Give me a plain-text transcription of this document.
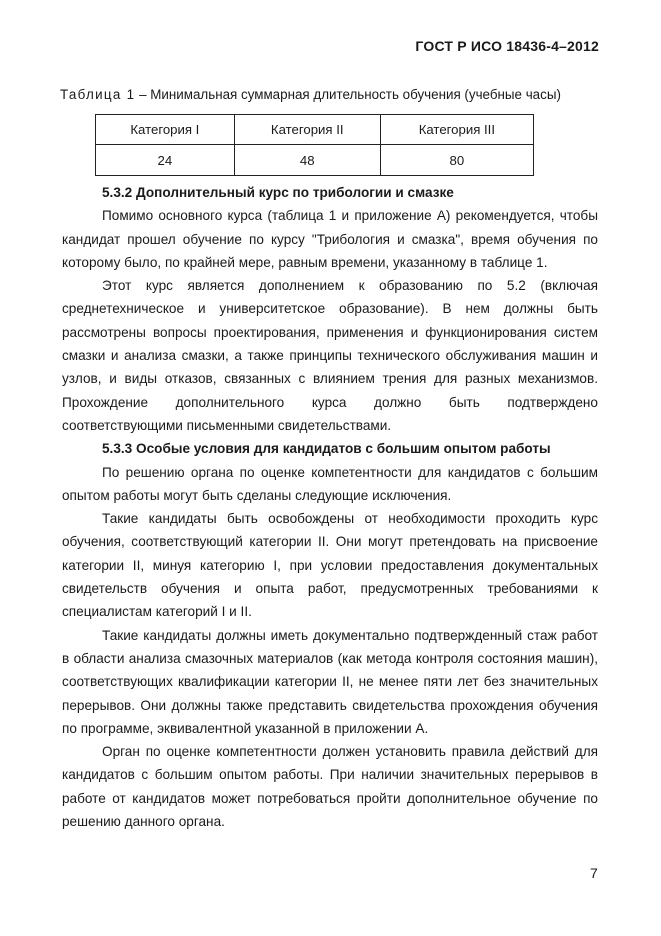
ГОСТ Р ИСО 18436-4–2012
Таблица 1 – Минимальная суммарная длительность обучения (учебные часы)
Категория I	Категория II	Категория III
24	48	80
5.3.2 Дополнительный курс по трибологии и смазке

Помимо основного курса (таблица 1 и приложение А) рекомендуется, чтобы кандидат прошел обучение по курсу "Трибология и смазка", время обучения по которому было, по крайней мере, равным времени, указанному в таблице 1.

Этот курс является дополнением к образованию по 5.2 (включая среднетехническое и университетское образование). В нем должны быть рассмотрены вопросы проектирования, применения и функционирования систем смазки и анализа смазки, а также принципы технического обслуживания машин и узлов, и виды отказов, связанных с влиянием трения для разных механизмов. Прохождение дополнительного курса должно быть подтверждено соответствующими письменными свидетельствами.

5.3.3 Особые условия для кандидатов с большим опытом работы

По решению органа по оценке компетентности для кандидатов с большим опытом работы могут быть сделаны следующие исключения.

Такие кандидаты быть освобождены от необходимости проходить курс обучения, соответствующий категории II. Они могут претендовать на присвоение категории II, минуя категорию I, при условии предоставления документальных свидетельств обучения и опыта работ, предусмотренных требованиями к специалистам категорий I и II.

Такие кандидаты должны иметь документально подтвержденный стаж работ в области анализа смазочных материалов (как метода контроля состояния машин), соответствующих квалификации категории II, не менее пяти лет без значительных перерывов. Они должны также представить свидетельства прохождения обучения по программе, эквивалентной указанной в приложении А.

Орган по оценке компетентности должен установить правила действий для кандидатов с большим опытом работы. При наличии значительных перерывов в работе от кандидатов может потребоваться пройти дополнительное обучение по решению данного органа.

7
